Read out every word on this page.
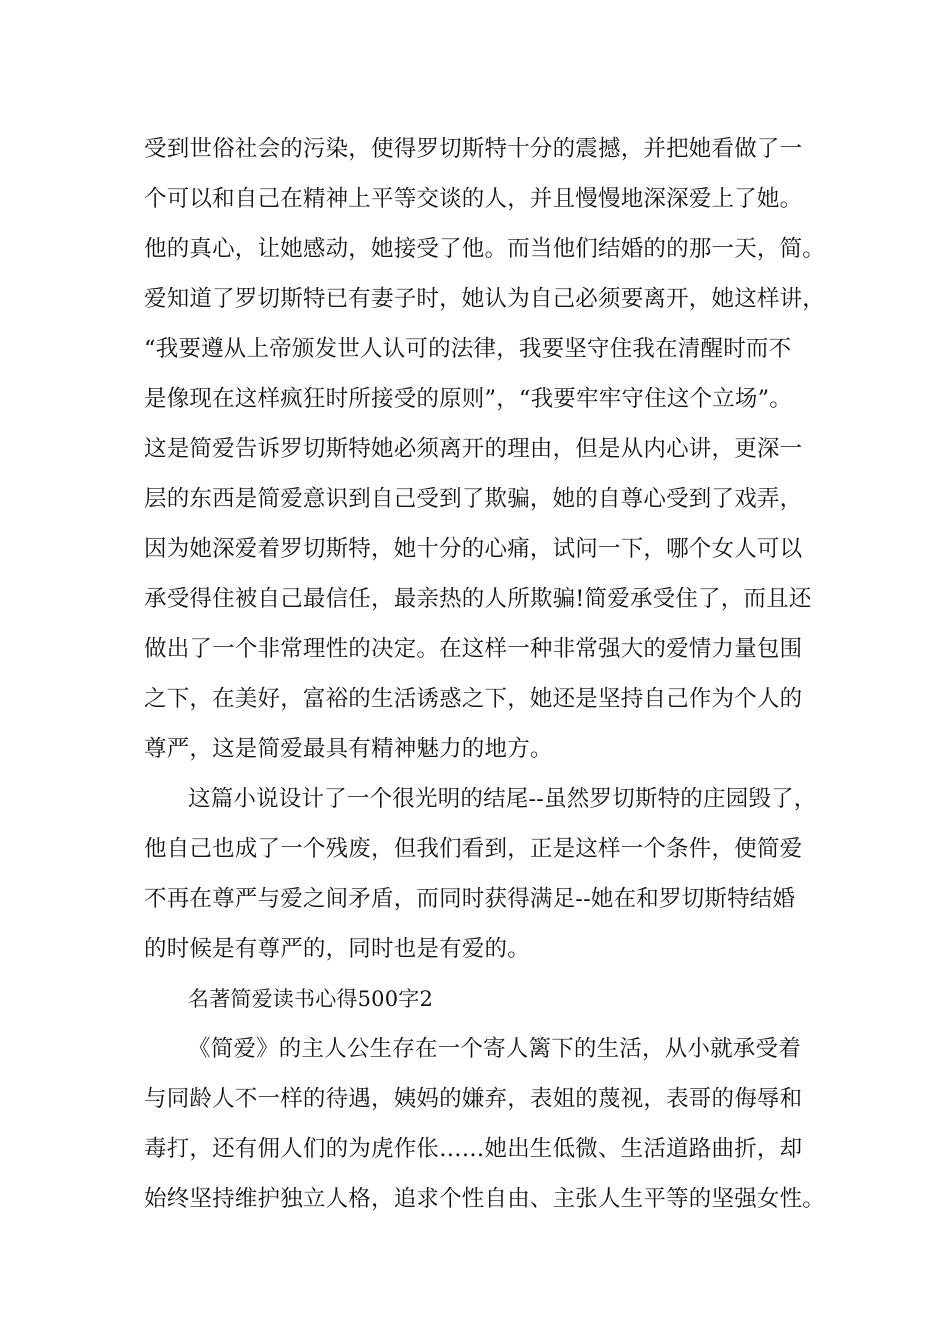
受到世俗社会的污染，使得罗切斯特十分的震撼，并把她看做了一
个可以和自己在精神上平等交谈的人，并且慢慢地深深爱上了她。
他的真心，让她感动，她接受了他。而当他们结婚的的那一天，简。
爱知道了罗切斯特已有妻子时，她认为自己必须要离开，她这样讲，
“我要遵从上帝颁发世人认可的法律，我要坚守住我在清醒时而不
是像现在这样疯狂时所接受的原则”，“我要牢牢守住这个立场”。
这是简爱告诉罗切斯特她必须离开的理由，但是从内心讲，更深一
层的东西是简爱意识到自己受到了欺骗，她的自尊心受到了戏弄，
因为她深爱着罗切斯特，她十分的心痛，试问一下，哪个女人可以
承受得住被自己最信任，最亲热的人所欺骗!简爱承受住了，而且还
做出了一个非常理性的决定。在这样一种非常强大的爱情力量包围
之下，在美好，富裕的生活诱惑之下，她还是坚持自己作为个人的
尊严，这是简爱最具有精神魅力的地方。
这篇小说设计了一个很光明的结尾--虽然罗切斯特的庄园毁了，
他自己也成了一个残废，但我们看到，正是这样一个条件，使简爱
不再在尊严与爱之间矛盾，而同时获得满足--她在和罗切斯特结婚
的时候是有尊严的，同时也是有爱的。
名著简爱读书心得500字2
《简爱》的主人公生存在一个寄人篱下的生活，从小就承受着
与同龄人不一样的待遇，姨妈的嫌弃，表姐的蔑视，表哥的侮辱和
毒打，还有佣人们的为虎作伥……她出生低微、生活道路曲折，却
始终坚持维护独立人格，追求个性自由、主张人生平等的坚强女性。
